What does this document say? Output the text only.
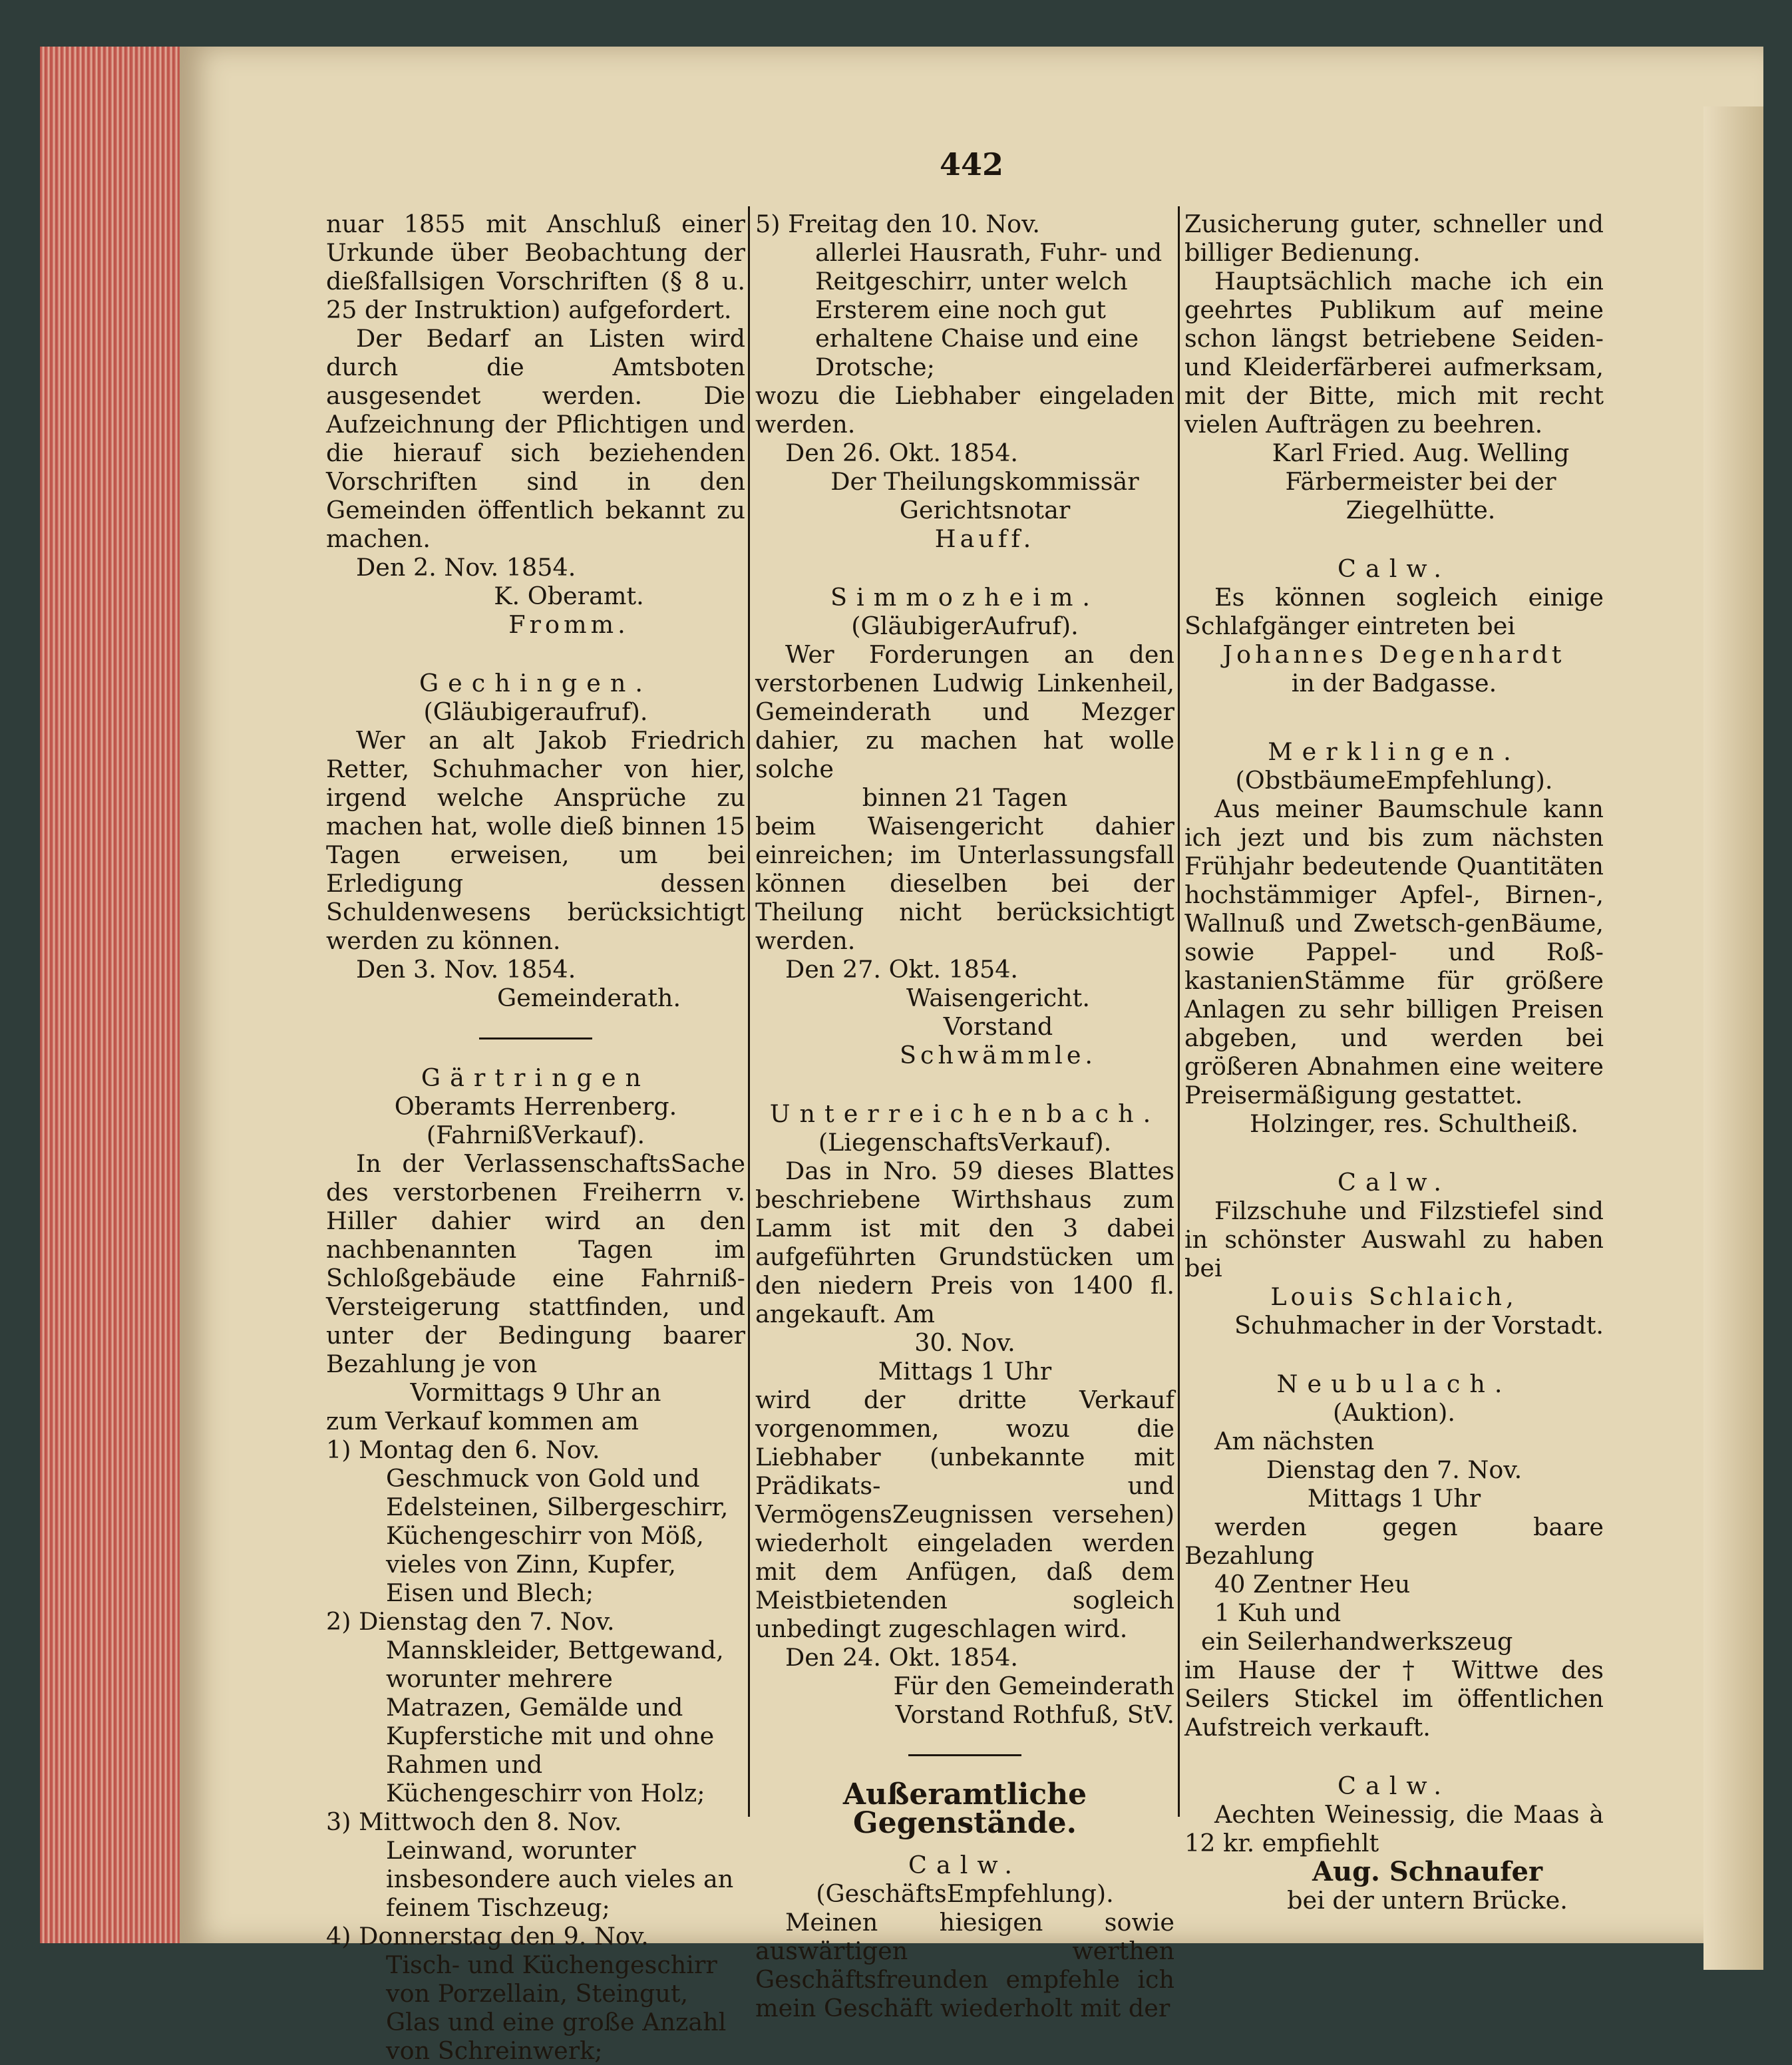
442

nuar 1855 mit Anschluß einer Urkunde über Beobachtung der dießfallsigen Vorschriften (§ 8 u. 25 der Instruktion) aufgefordert.

Der Bedarf an Listen wird durch die Amtsboten ausgesendet werden. Die Aufzeichnung der Pflichtigen und die hierauf sich beziehenden Vorschriften sind in den Gemeinden öffentlich bekannt zu machen.

Den 2. Nov. 1854.

K. Oberamt.

Fromm.

Gechingen.

(Gläubigeraufruf).

Wer an alt Jakob Friedrich Retter, Schuhmacher von hier, irgend welche Ansprüche zu machen hat, wolle dieß binnen 15 Tagen erweisen, um bei Erledigung dessen Schuldenwesens berücksichtigt werden zu können.

Den 3. Nov. 1854.

Gemeinderath.

Gärtringen

Oberamts Herrenberg.

(FahrnißVerkauf).

In der VerlassenschaftsSache des verstorbenen Freiherrn v. Hiller dahier wird an den nachbenannten Tagen im Schloßgebäude eine Fahrniß-Versteigerung stattfinden, und unter der Bedingung baarer Bezahlung je von

Vormittags 9 Uhr an

zum Verkauf kommen am

1) Montag den 6. Nov.

Geschmuck von Gold und Edelsteinen, Silbergeschirr, Küchengeschirr von Möß, vieles von Zinn, Kupfer, Eisen und Blech;

2) Dienstag den 7. Nov.

Mannskleider, Bettgewand, worunter mehrere Matrazen, Gemälde und Kupferstiche mit und ohne Rahmen und Küchengeschirr von Holz;

3) Mittwoch den 8. Nov.

Leinwand, worunter insbesondere auch vieles an feinem Tischzeug;

4) Donnerstag den 9. Nov.

Tisch- und Küchengeschirr von Porzellain, Steingut, Glas und eine große Anzahl von Schreinwerk;

5) Freitag den 10. Nov.

allerlei Hausrath, Fuhr- und Reitgeschirr, unter welch Ersterem eine noch gut erhaltene Chaise und eine Drotsche;

wozu die Liebhaber eingeladen werden.

Den 26. Okt. 1854.

Der Theilungskommissär

Gerichtsnotar

Hauff.

Simmozheim.

(GläubigerAufruf).

Wer Forderungen an den verstorbenen Ludwig Linkenheil, Gemeinderath und Mezger dahier, zu machen hat wolle solche

binnen 21 Tagen

beim Waisengericht dahier einreichen; im Unterlassungsfall können dieselben bei der Theilung nicht berücksichtigt werden.

Den 27. Okt. 1854.

Waisengericht.

Vorstand

Schwämmle.

Unterreichenbach.

(LiegenschaftsVerkauf).

Das in Nro. 59 dieses Blattes beschriebene Wirthshaus zum Lamm ist mit den 3 dabei aufgeführten Grundstücken um den niedern Preis von 1400 fl. angekauft. Am

30. Nov.

Mittags 1 Uhr

wird der dritte Verkauf vorgenommen, wozu die Liebhaber (unbekannte mit Prädikats- und VermögensZeugnissen versehen) wiederholt eingeladen werden mit dem Anfügen, daß dem Meistbietenden sogleich unbedingt zugeschlagen wird.

Den 24. Okt. 1854.

Für den Gemeinderath

Vorstand Rothfuß, StV.

Außeramtliche Gegenstände.

Calw.

(GeschäftsEmpfehlung).

Meinen hiesigen sowie auswärtigen werthen Geschäftsfreunden empfehle ich mein Geschäft wiederholt mit der

Zusicherung guter, schneller und billiger Bedienung.

Hauptsächlich mache ich ein geehrtes Publikum auf meine schon längst betriebene Seiden- und Kleiderfärberei aufmerksam, mit der Bitte, mich mit recht vielen Aufträgen zu beehren.

Karl Fried. Aug. Welling

Färbermeister bei der Ziegelhütte.

Calw.

Es können sogleich einige Schlafgänger eintreten bei

Johannes Degenhardt

in der Badgasse.

Merklingen.

(ObstbäumeEmpfehlung).

Aus meiner Baumschule kann ich jezt und bis zum nächsten Frühjahr bedeutende Quantitäten hochstämmiger Apfel-, Birnen-, Wallnuß und Zwetsch-genBäume, sowie Pappel- und Roß-kastanienStämme für größere Anlagen zu sehr billigen Preisen abgeben, und werden bei größeren Abnahmen eine weitere Preisermäßigung gestattet.

Holzinger, res. Schultheiß.

Calw.

Filzschuhe und Filzstiefel sind in schönster Auswahl zu haben bei

Louis Schlaich,

Schuhmacher in der Vorstadt.

Neubulach.

(Auktion).

Am nächsten

Dienstag den 7. Nov.

Mittags 1 Uhr

werden gegen baare Bezahlung

40 Zentner Heu

1 Kuh und

ein Seilerhandwerkszeug

im Hause der † Wittwe des Seilers Stickel im öffentlichen Aufstreich verkauft.

Calw.

Aechten Weinessig, die Maas à 12 kr. empfiehlt

Aug. Schnaufer

bei der untern Brücke.
